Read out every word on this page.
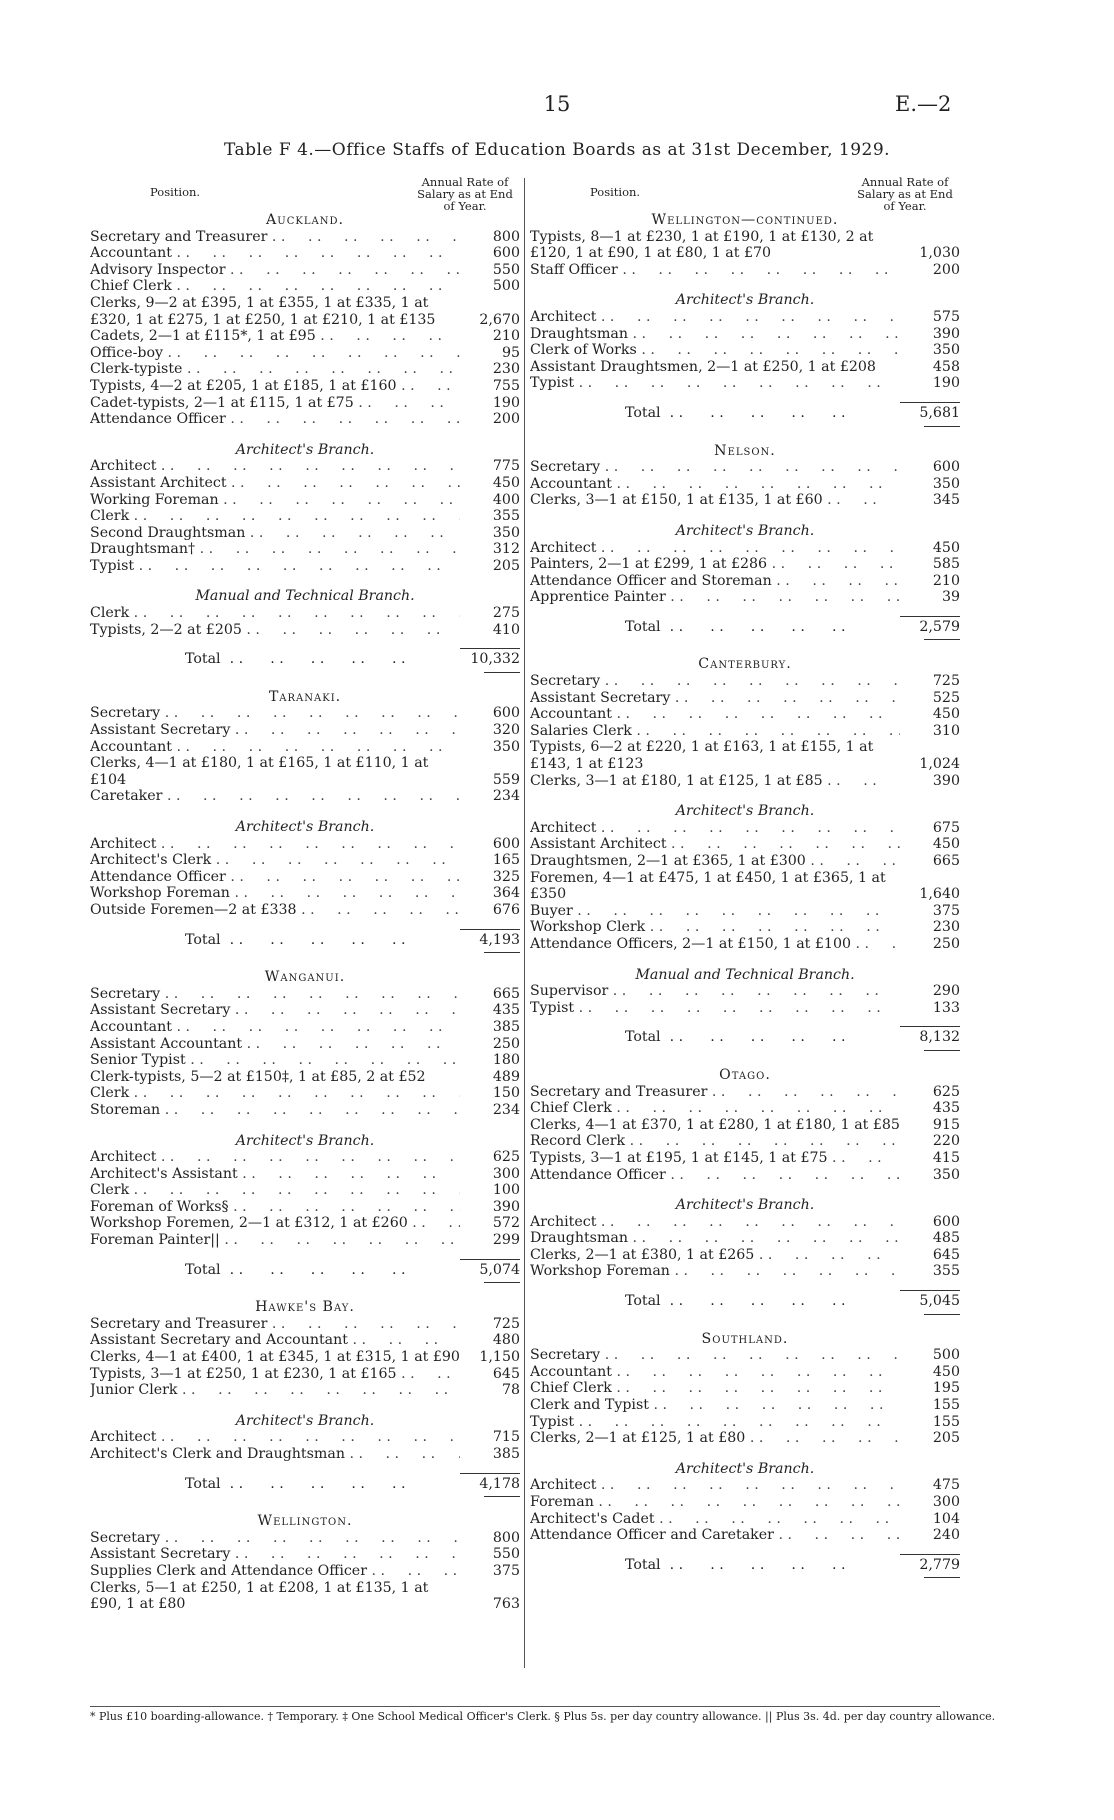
15	E.—2
Table F 4.—Office Staffs of Education Boards as at 31st December, 1929.
Position.
Annual Rate of Salary as at End of Year.
Auckland.
Secretary and Treasurer . .	800
Accountant . .	600
Advisory Inspector . .	550
Chief Clerk . .	500
Clerks, 9—2 at £395, 1 at £355, 1 at £335, 1 at £320, 1 at £275, 1 at £250, 1 at £210, 1 at £135	2,670
Cadets, 2—1 at £115*, 1 at £95 . .	210
Office-boy . .	95
Clerk-typiste . .	230
Typists, 4—2 at £205, 1 at £185, 1 at £160 . .	755
Cadet-typists, 2—1 at £115, 1 at £75 . .	190
Attendance Officer . .	200
Architect's Branch.
Architect . .	775
Assistant Architect . .	450
Working Foreman . .	400
Clerk . .	355
Second Draughtsman . .	350
Draughtsman† . .	312
Typist . .	205
Manual and Technical Branch.
Clerk . .	275
Typists, 2—2 at £205 . .	410
Total . .	10,332
Taranaki.
Secretary . .	600
Assistant Secretary . .	320
Accountant . .	350
Clerks, 4—1 at £180, 1 at £165, 1 at £110, 1 at £104	559
Caretaker . .	234
Architect's Branch.
Architect . .	600
Architect's Clerk . .	165
Attendance Officer . .	325
Workshop Foreman . .	364
Outside Foremen—2 at £338 . .	676
Total . .	4,193
Wanganui.
Secretary . .	665
Assistant Secretary . .	435
Accountant . .	385
Assistant Accountant . .	250
Senior Typist . .	180
Clerk-typists, 5—2 at £150‡, 1 at £85, 2 at £52	489
Clerk . .	150
Storeman . .	234
Architect's Branch.
Architect . .	625
Architect's Assistant . .	300
Clerk . .	100
Foreman of Works§ . .	390
Workshop Foremen, 2—1 at £312, 1 at £260 . .	572
Foreman Painter|| . .	299
Total . .	5,074
Hawke's Bay.
Secretary and Treasurer . .	725
Assistant Secretary and Accountant . .	480
Clerks, 4—1 at £400, 1 at £345, 1 at £315, 1 at £90	1,150
Typists, 3—1 at £250, 1 at £230, 1 at £165 . .	645
Junior Clerk . .	78
Architect's Branch.
Architect . .	715
Architect's Clerk and Draughtsman . .	385
Total . .	4,178
Wellington.
Secretary . .	800
Assistant Secretary . .	550
Supplies Clerk and Attendance Officer . .	375
Clerks, 5—1 at £250, 1 at £208, 1 at £135, 1 at £90, 1 at £80	763
Position.
Annual Rate of Salary as at End of Year.
Wellington—continued.
Typists, 8—1 at £230, 1 at £190, 1 at £130, 2 at £120, 1 at £90, 1 at £80, 1 at £70	1,030
Staff Officer . .	200
Architect's Branch.
Architect . .	575
Draughtsman . .	390
Clerk of Works . .	350
Assistant Draughtsmen, 2—1 at £250, 1 at £208	458
Typist . .	190
Total . .	5,681
Nelson.
Secretary . .	600
Accountant . .	350
Clerks, 3—1 at £150, 1 at £135, 1 at £60 . .	345
Architect's Branch.
Architect . .	450
Painters, 2—1 at £299, 1 at £286 . .	585
Attendance Officer and Storeman . .	210
Apprentice Painter . .	39
Total . .	2,579
Canterbury.
Secretary . .	725
Assistant Secretary . .	525
Accountant . .	450
Salaries Clerk . .	310
Typists, 6—2 at £220, 1 at £163, 1 at £155, 1 at £143, 1 at £123	1,024
Clerks, 3—1 at £180, 1 at £125, 1 at £85 . .	390
Architect's Branch.
Architect . .	675
Assistant Architect . .	450
Draughtsmen, 2—1 at £365, 1 at £300 . .	665
Foremen, 4—1 at £475, 1 at £450, 1 at £365, 1 at £350	1,640
Buyer . .	375
Workshop Clerk . .	230
Attendance Officers, 2—1 at £150, 1 at £100 . .	250
Manual and Technical Branch.
Supervisor . .	290
Typist . .	133
Total . .	8,132
Otago.
Secretary and Treasurer . .	625
Chief Clerk . .	435
Clerks, 4—1 at £370, 1 at £280, 1 at £180, 1 at £85	915
Record Clerk . .	220
Typists, 3—1 at £195, 1 at £145, 1 at £75 . .	415
Attendance Officer . .	350
Architect's Branch.
Architect . .	600
Draughtsman . .	485
Clerks, 2—1 at £380, 1 at £265 . .	645
Workshop Foreman . .	355
Total . .	5,045
Southland.
Secretary . .	500
Accountant . .	450
Chief Clerk . .	195
Clerk and Typist . .	155
Typist . .	155
Clerks, 2—1 at £125, 1 at £80 . .	205
Architect's Branch.
Architect . .	475
Foreman . .	300
Architect's Cadet . .	104
Attendance Officer and Caretaker . .	240
Total . .	2,779
* Plus £10 boarding-allowance. † Temporary. ‡ One School Medical Officer's Clerk. § Plus 5s. per day country allowance. || Plus 3s. 4d. per day country allowance.
